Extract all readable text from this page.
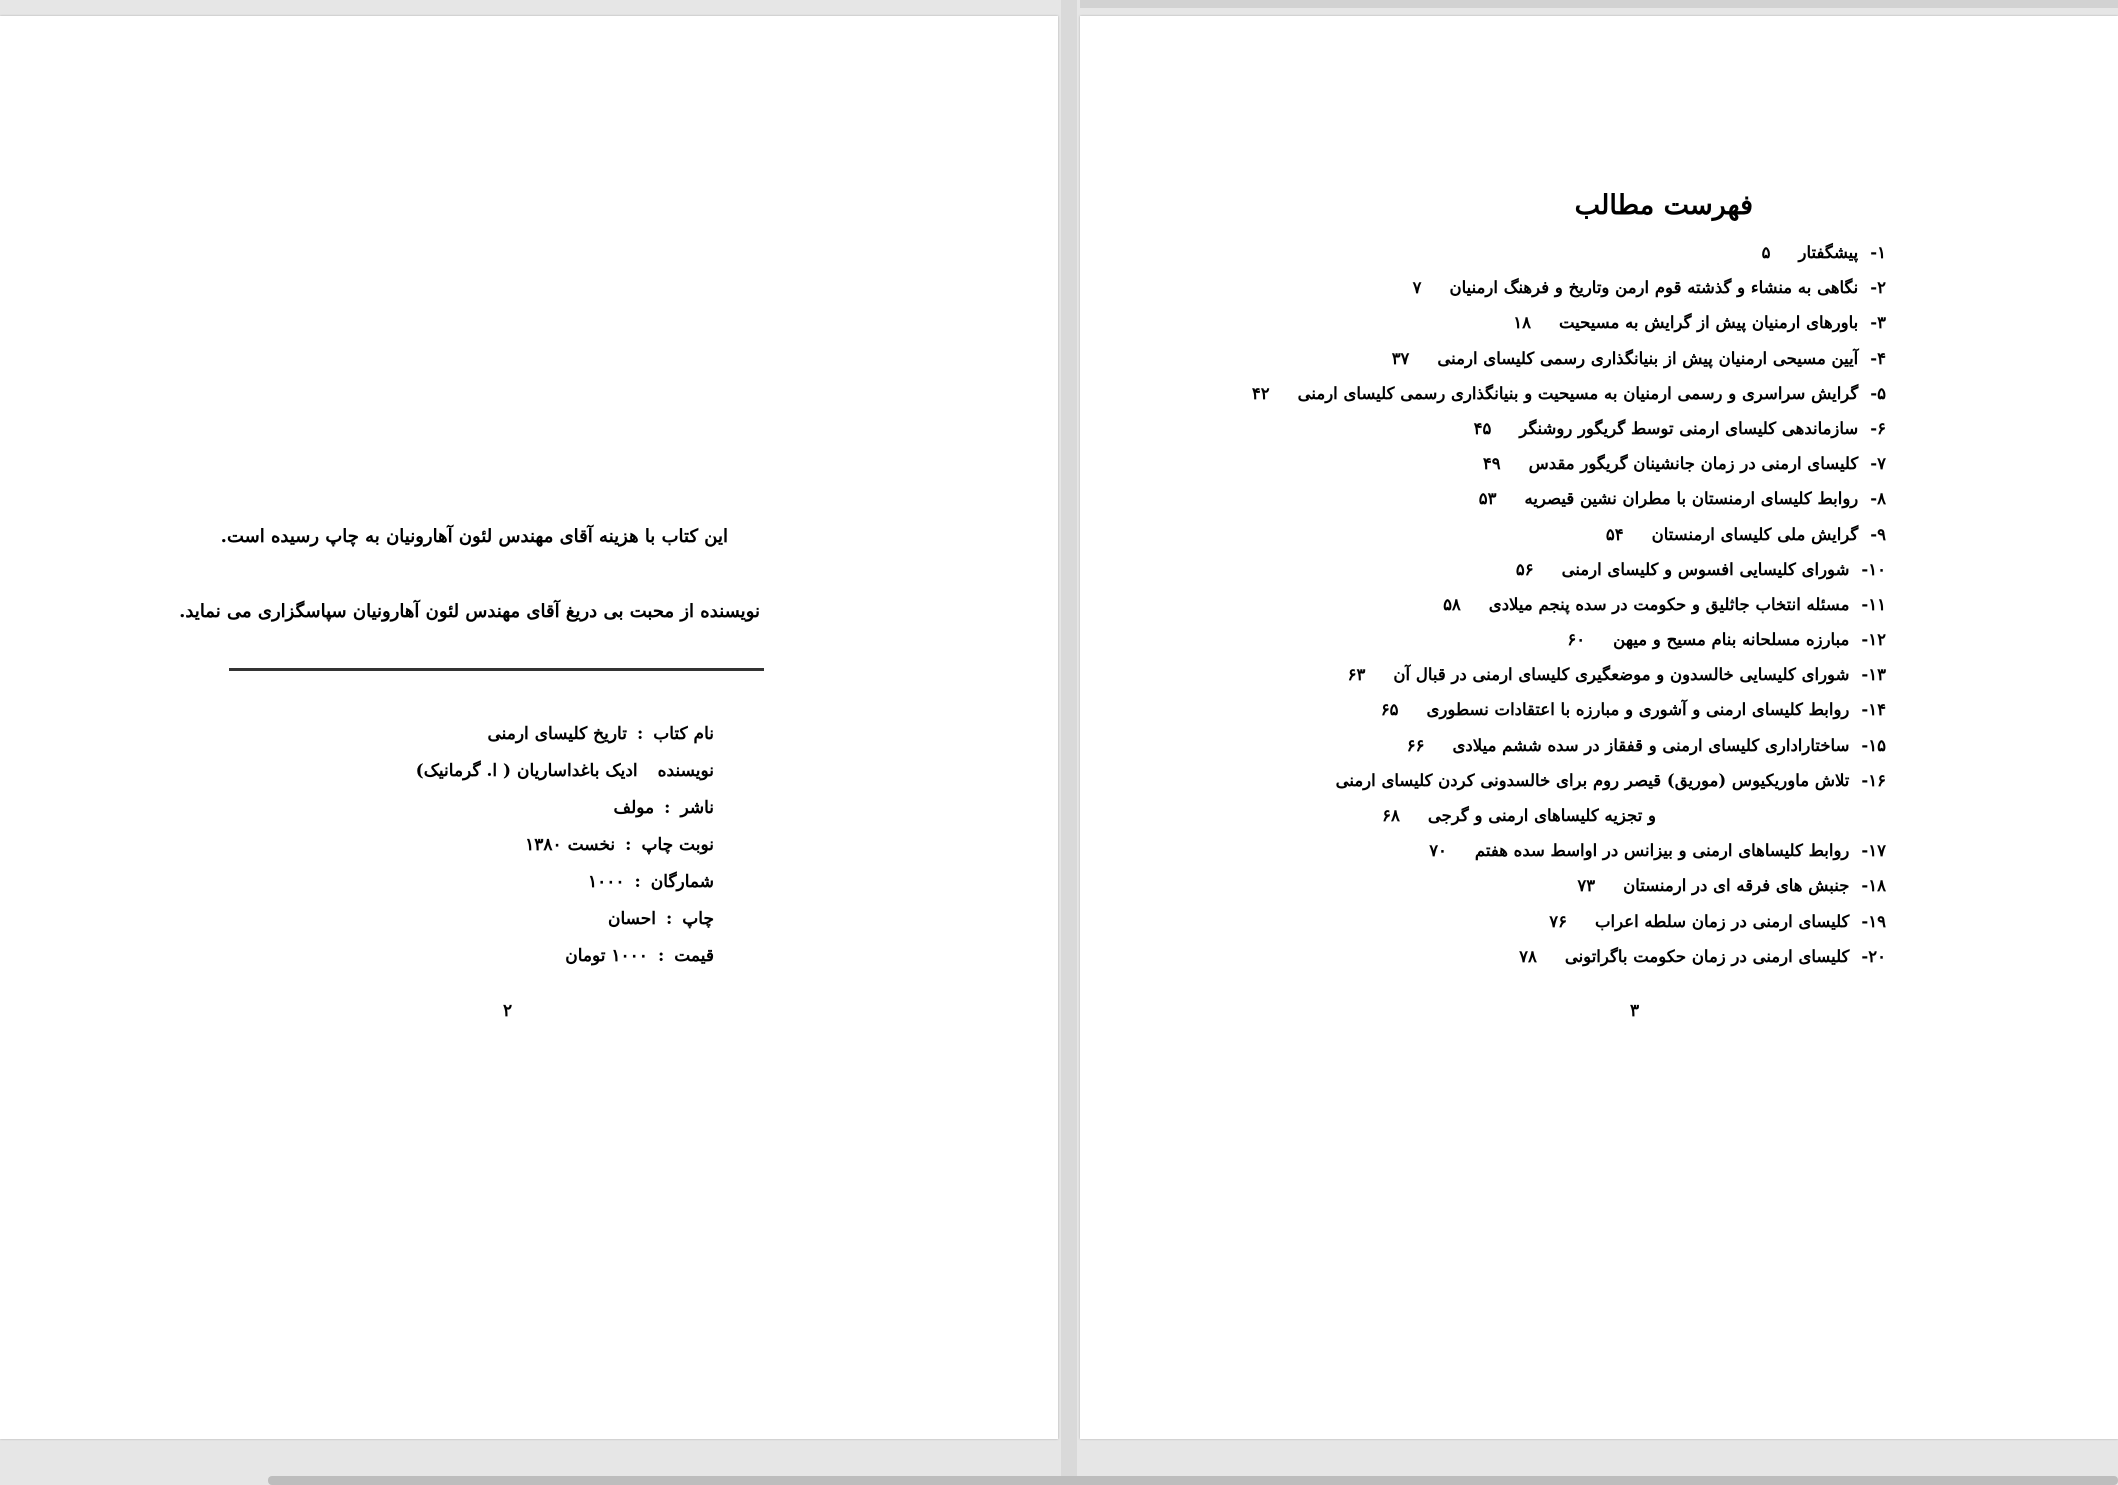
این کتاب با هزینه آقای مهندس لئون آهارونیان به چاپ رسیده است.
نویسنده از محبت بی دریغ آقای مهندس لئون آهارونیان سپاسگزاری می نماید.
نام کتاب:تاریخ کلیسای ارمنی
نویسندهادیک باغداساریان ( ا. گرمانیک)
ناشر:مولف
نوبت چاپ:نخست ۱۳۸۰
شمارگان:۱۰۰۰
چاپ:احسان
قیمت:۱۰۰۰ تومان
۲
فهرست مطالب
۱-پیشگفتار۵
۲-نگاهی به منشاء و گذشته قوم ارمن وتاریخ و فرهنگ ارمنیان۷
۳-باورهای ارمنیان پیش از گرایش به مسیحیت۱۸
۴-آیین مسیحی ارمنیان پیش از بنیانگذاری رسمی کلیسای ارمنی۳۷
۵-گرایش سراسری و رسمی ارمنیان به مسیحیت و بنیانگذاری رسمی کلیسای ارمنی۴۲
۶-سازماندهی کلیسای ارمنی توسط گریگور روشنگر۴۵
۷-کلیسای ارمنی در زمان جانشینان گریگور مقدس۴۹
۸-روابط کلیسای ارمنستان با مطران نشین قیصریه۵۳
۹-گرایش ملی کلیسای ارمنستان۵۴
۱۰-شورای کلیسایی افسوس و کلیسای ارمنی۵۶
۱۱-مسئله انتخاب جاثلیق و حکومت در سده پنجم میلادی۵۸
۱۲-مبارزه مسلحانه بنام مسیح و میهن۶۰
۱۳-شورای کلیسایی خالسدون و موضعگیری کلیسای ارمنی در قبال آن۶۳
۱۴-روابط کلیسای ارمنی و آشوری و مبارزه با اعتقادات نسطوری۶۵
۱۵-ساختاراداری کلیسای ارمنی و قفقاز در سده ششم میلادی۶۶
۱۶-تلاش ماوریکیوس (موریق) قیصر روم برای خالسدونی کردن کلیسای ارمنی
و تجزیه کلیساهای ارمنی و گرجی۶۸
۱۷-روابط کلیساهای ارمنی و بیزانس در اواسط سده هفتم۷۰
۱۸-جنبش های فرقه ای در ارمنستان۷۳
۱۹-کلیسای ارمنی در زمان سلطه اعراب۷۶
۲۰-کلیسای ارمنی در زمان حکومت باگراتونی۷۸
۳
